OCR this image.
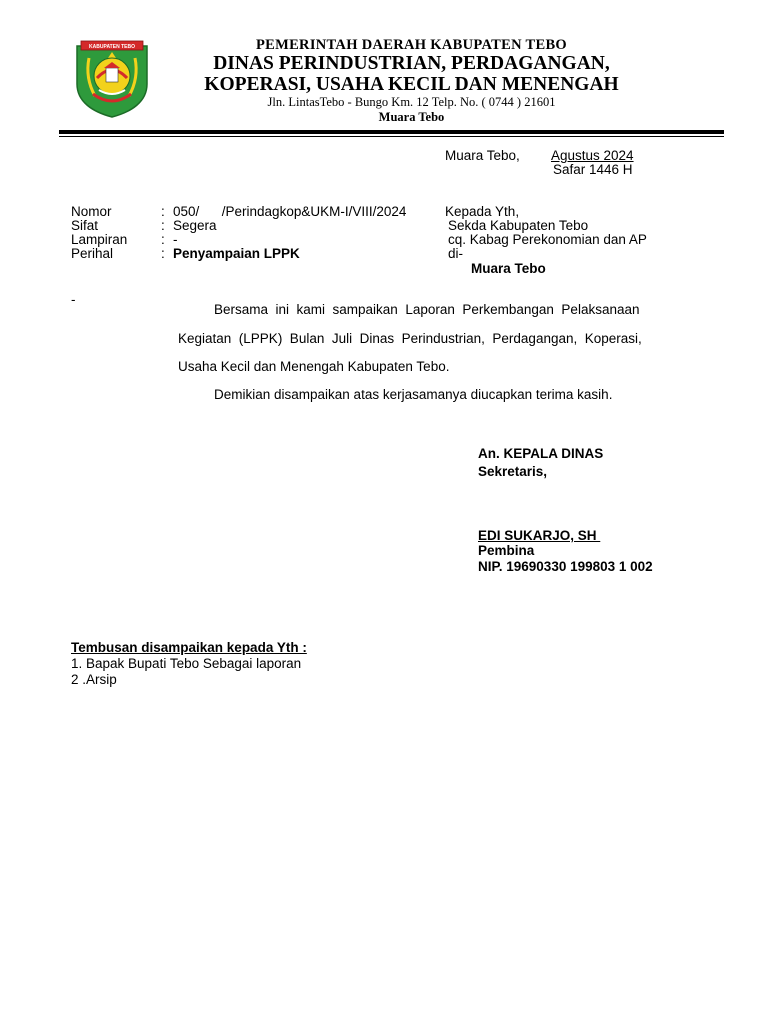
KABUPATEN TEBO	PEMERINTAH DAERAH KABUPATEN TEBO
DINAS PERINDUSTRIAN, PERDAGANGAN,
KOPERASI, USAHA KECIL DAN MENENGAH
Jln. LintasTebo - Bungo Km. 12 Telp. No. ( 0744 ) 21601
Muara Tebo
Muara Tebo, Agustus 2024
Safar 1446 H
Nomor	: 050/      /Perindagkop&UKM-I/VIII/2024
Sifat	: Segera
Lampiran : -
Perihal	: Penyampaian LPPK
Kepada Yth,
Sekda Kabupaten Tebo
cq. Kabag Perekonomian dan AP
di-
Muara Tebo
-
Bersama  ini  kami  sampaikan  Laporan  Perkembangan  Pelaksanaan
Kegiatan  (LPPK)  Bulan  Juli  Dinas  Perindustrian,  Perdagangan,  Koperasi,
Usaha Kecil dan Menengah Kabupaten Tebo.
Demikian disampaikan atas kerjasamanya diucapkan terima kasih.
An. KEPALA DINAS
Sekretaris,
EDI SUKARJO, SH
Pembina
NIP. 19690330 199803 1 002
Tembusan disampaikan kepada Yth :
1. Bapak Bupati Tebo Sebagai laporan
2 .Arsip
